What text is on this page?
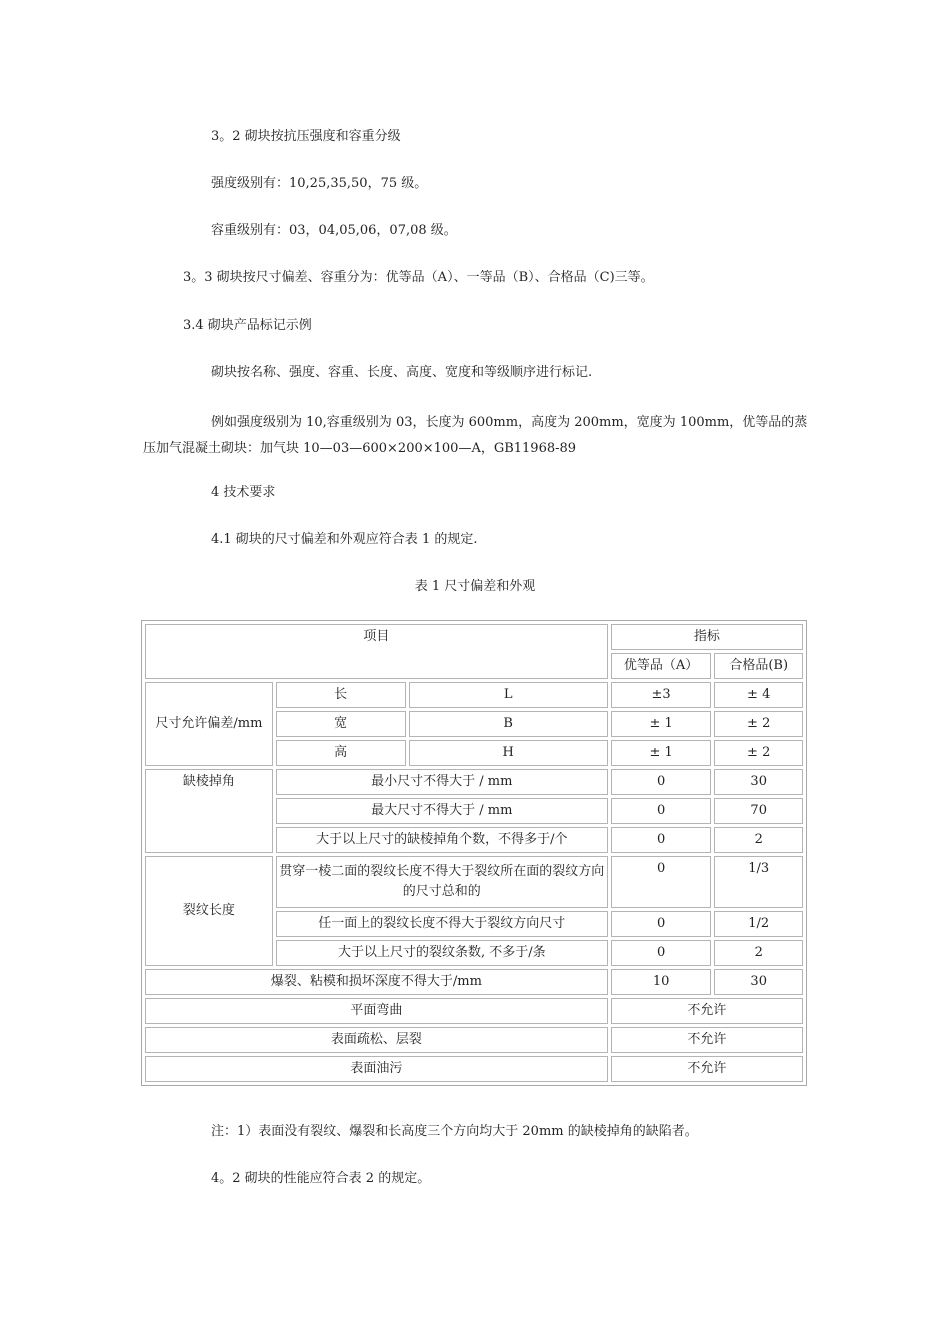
3。2 砌块按抗压强度和容重分级
强度级别有：10,25,35,50，75 级。
容重级别有：03，04,05,06，07,08 级。
3。3 砌块按尺寸偏差、容重分为：优等品（A）、一等品（B）、合格品（C)三等。
3.4 砌块产品标记示例
砌块按名称、强度、容重、长度、高度、宽度和等级顺序进行标记.
例如强度级别为 10,容重级别为 03，长度为 600mm，高度为 200mm，宽度为 100mm，优等品的蒸压加气混凝土砌块：加气块 10—03—600×200×100—A，GB11968-89
4 技术要求
4.1 砌块的尺寸偏差和外观应符合表 1 的规定.
表 1 尺寸偏差和外观
项目			指标	
			优等品（A）	合格品(B)
尺寸允许偏差/mm	长	L	±3	± 4
	宽	B	± 1	± 2
	高	H	± 1	± 2
缺棱掉角	最小尺寸不得大于 / mm		0	30
	最大尺寸不得大于 / mm		0	70
	大于以上尺寸的缺棱掉角个数，不得多于/个		0	2
裂纹长度	贯穿一棱二面的裂纹长度不得大于裂纹所在面的裂纹方向的尺寸总和的		0	1/3
	任一面上的裂纹长度不得大于裂纹方向尺寸		0	1/2
	大于以上尺寸的裂纹条数, 不多于/条		0	2
爆裂、粘模和损坏深度不得大于/mm			10	30
平面弯曲			不允许	
表面疏松、层裂			不允许	
表面油污			不允许	
注：1）表面没有裂纹、爆裂和长高度三个方向均大于 20mm 的缺棱掉角的缺陷者。
4。2 砌块的性能应符合表 2 的规定。
